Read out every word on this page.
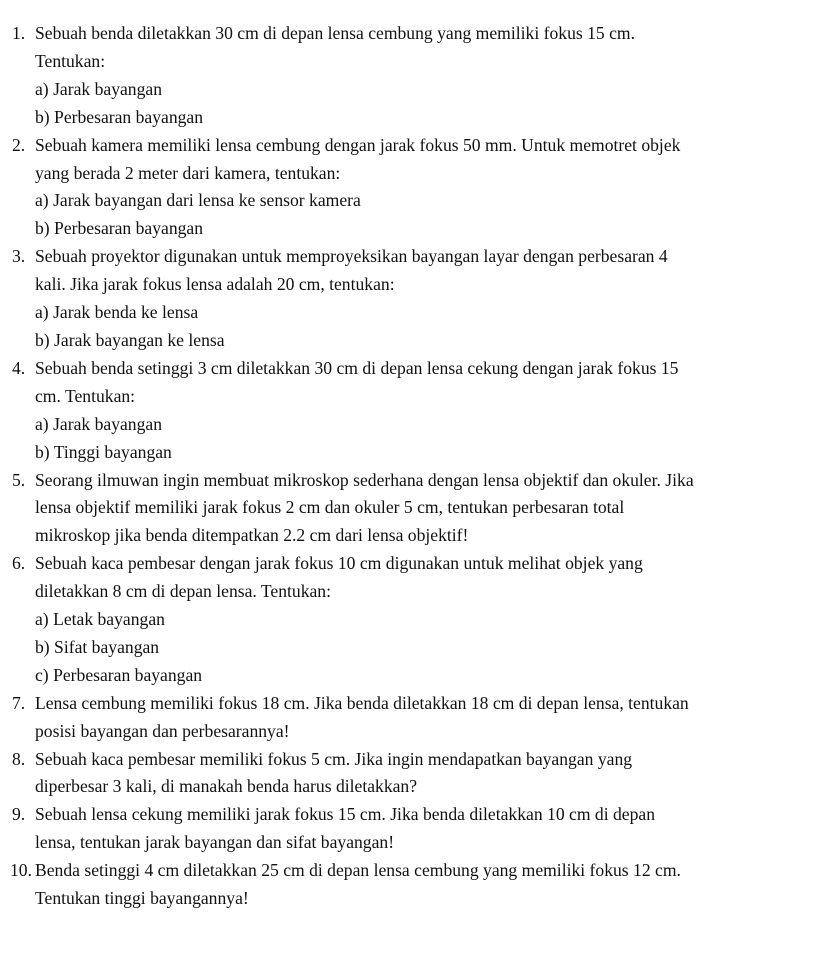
1. Sebuah benda diletakkan 30 cm di depan lensa cembung yang memiliki fokus 15 cm.
Tentukan:
a) Jarak bayangan
b) Perbesaran bayangan
2. Sebuah kamera memiliki lensa cembung dengan jarak fokus 50 mm. Untuk memotret objek
yang berada 2 meter dari kamera, tentukan:
a) Jarak bayangan dari lensa ke sensor kamera
b) Perbesaran bayangan
3. Sebuah proyektor digunakan untuk memproyeksikan bayangan layar dengan perbesaran 4
kali. Jika jarak fokus lensa adalah 20 cm, tentukan:
a) Jarak benda ke lensa
b) Jarak bayangan ke lensa
4. Sebuah benda setinggi 3 cm diletakkan 30 cm di depan lensa cekung dengan jarak fokus 15
cm. Tentukan:
a) Jarak bayangan
b) Tinggi bayangan
5. Seorang ilmuwan ingin membuat mikroskop sederhana dengan lensa objektif dan okuler. Jika
lensa objektif memiliki jarak fokus 2 cm dan okuler 5 cm, tentukan perbesaran total
mikroskop jika benda ditempatkan 2.2 cm dari lensa objektif!
6. Sebuah kaca pembesar dengan jarak fokus 10 cm digunakan untuk melihat objek yang
diletakkan 8 cm di depan lensa. Tentukan:
a) Letak bayangan
b) Sifat bayangan
c) Perbesaran bayangan
7. Lensa cembung memiliki fokus 18 cm. Jika benda diletakkan 18 cm di depan lensa, tentukan
posisi bayangan dan perbesarannya!
8. Sebuah kaca pembesar memiliki fokus 5 cm. Jika ingin mendapatkan bayangan yang
diperbesar 3 kali, di manakah benda harus diletakkan?
9. Sebuah lensa cekung memiliki jarak fokus 15 cm. Jika benda diletakkan 10 cm di depan
lensa, tentukan jarak bayangan dan sifat bayangan!
10. Benda setinggi 4 cm diletakkan 25 cm di depan lensa cembung yang memiliki fokus 12 cm.
Tentukan tinggi bayangannya!
